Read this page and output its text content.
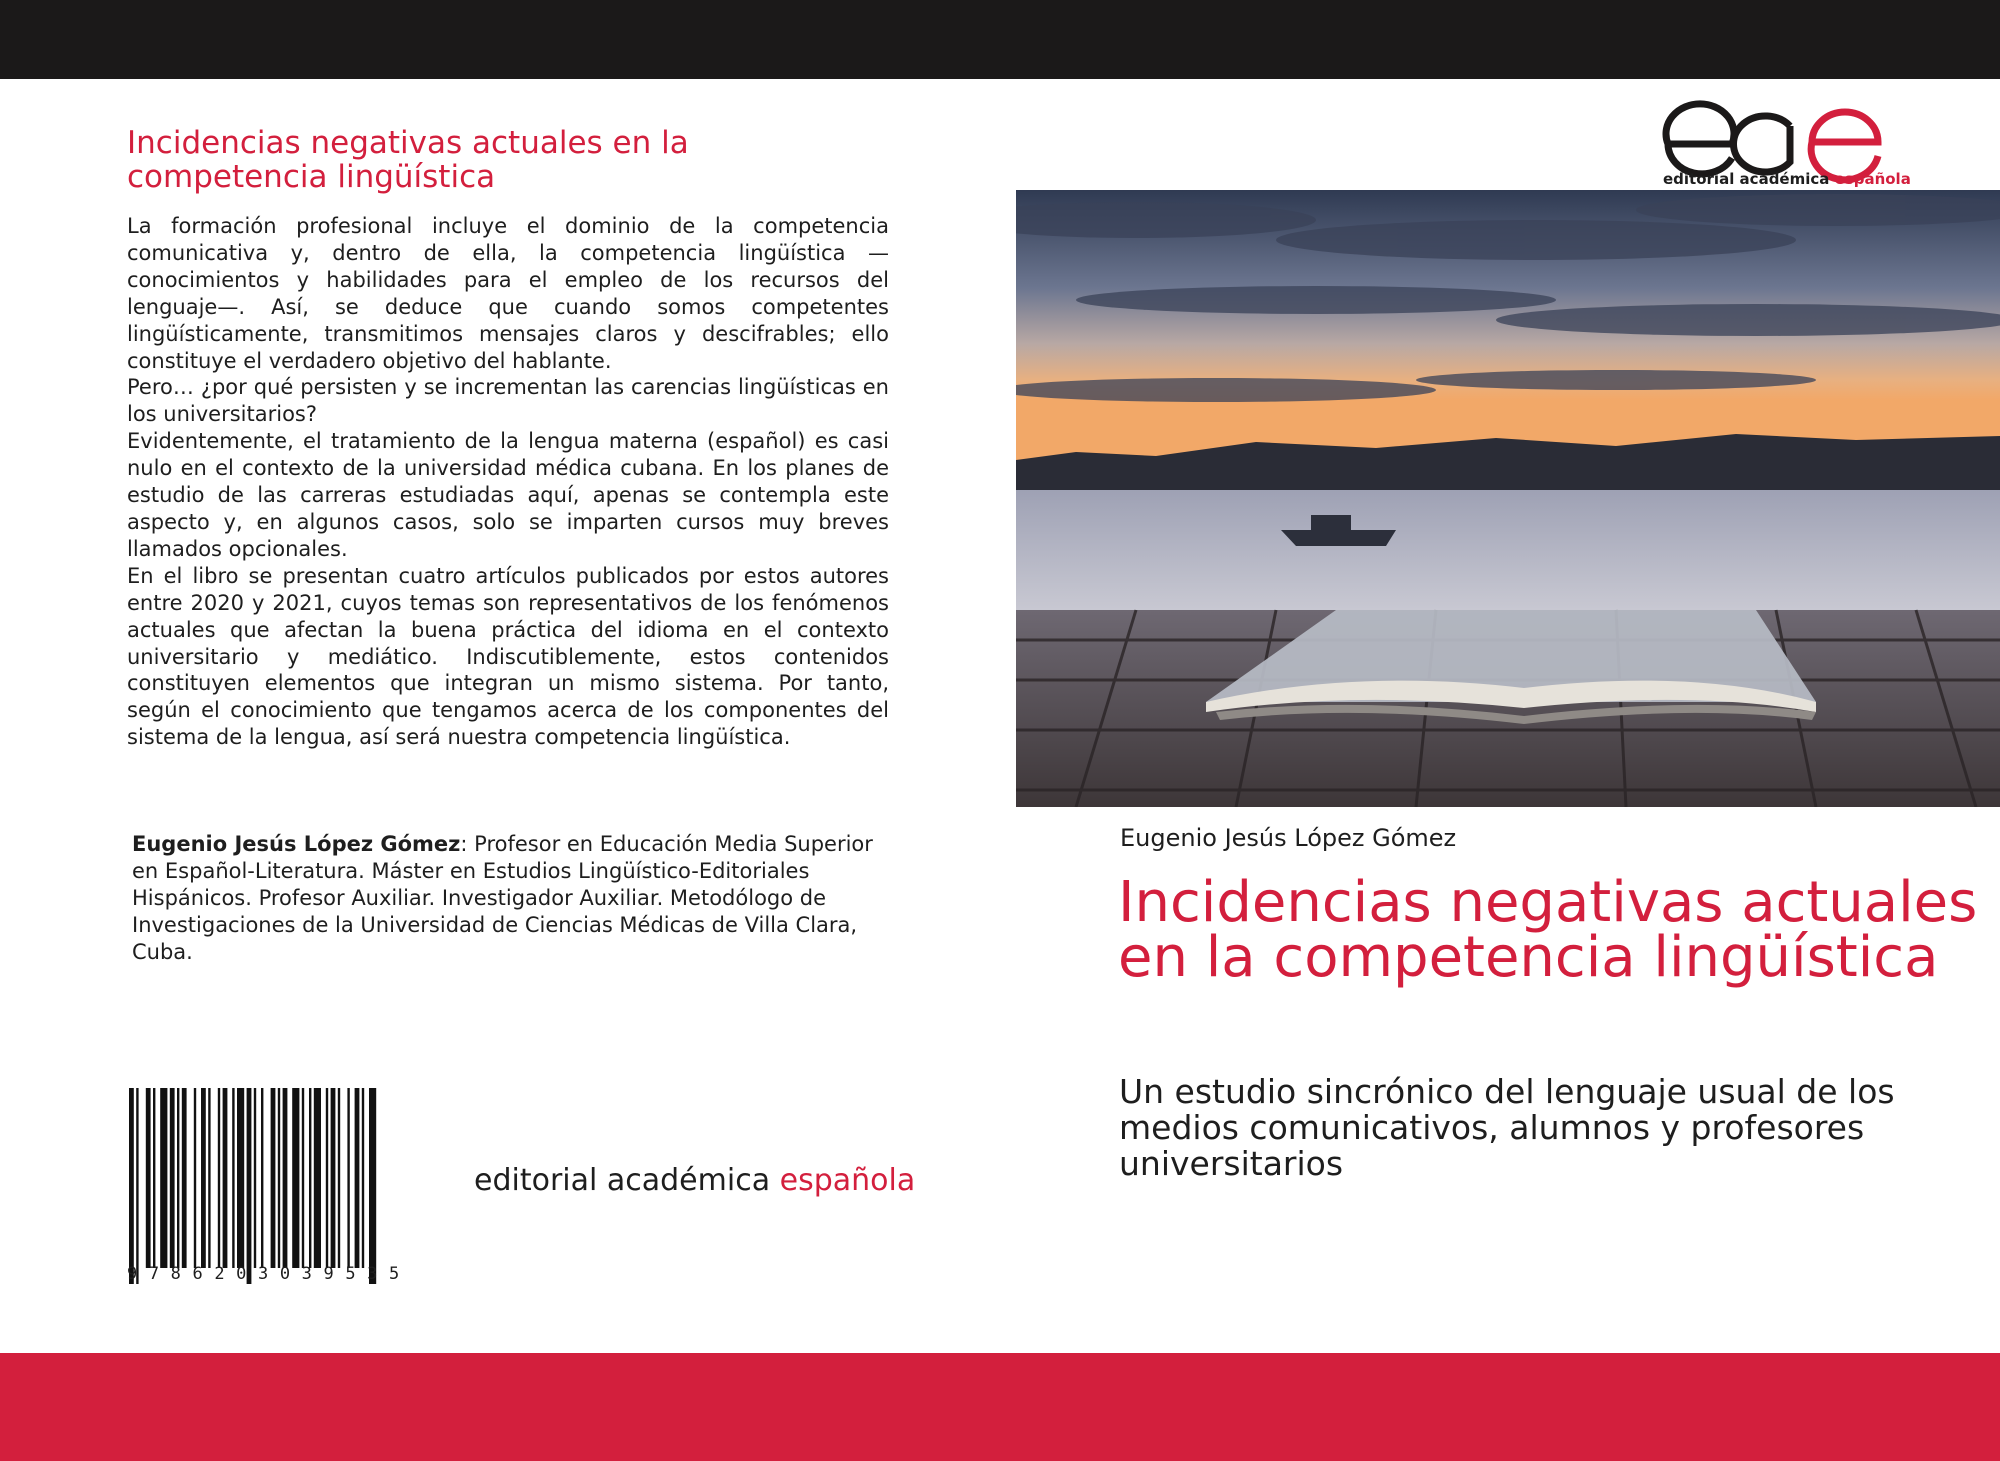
Incidencias negativas actuales en la competencia lingüística

La formación profesional incluye el dominio de la competencia comunicativa y, dentro de ella, la competencia lingüística —conocimientos y habilidades para el empleo de los recursos del lenguaje—. Así, se deduce que cuando somos competentes lingüísticamente, transmitimos mensajes claros y descifrables; ello constituye el verdadero objetivo del hablante.

Pero… ¿por qué persisten y se incrementan las carencias lingüísticas en los universitarios?

Evidentemente, el tratamiento de la lengua materna (español) es casi nulo en el contexto de la universidad médica cubana. En los planes de estudio de las carreras estudiadas aquí, apenas se contempla este aspecto y, en algunos casos, solo se imparten cursos muy breves llamados opcionales.

En el libro se presentan cuatro artículos publicados por estos autores entre 2020 y 2021, cuyos temas son representativos de los fenómenos actuales que afectan la buena práctica del idioma en el contexto universitario y mediático. Indiscutiblemente, estos contenidos constituyen elementos que integran un mismo sistema. Por tanto, según el conocimiento que tengamos acerca de los componentes del sistema de la lengua, así será nuestra competencia lingüística.

Eugenio Jesús López Gómez: Profesor en Educación Media Superior en Español-Literatura. Máster en Estudios Lingüístico-Editoriales Hispánicos. Profesor Auxiliar. Investigador Auxiliar. Metodólogo de Investigaciones de la Universidad de Ciencias Médicas de Villa Clara, Cuba.
9786203039535
editorial académica española
editorial académica española
Eugenio Jesús López Gómez
Incidencias negativas actuales en la competencia lingüística
Un estudio sincrónico del lenguaje usual de los medios comunicativos, alumnos y profesores universitarios
